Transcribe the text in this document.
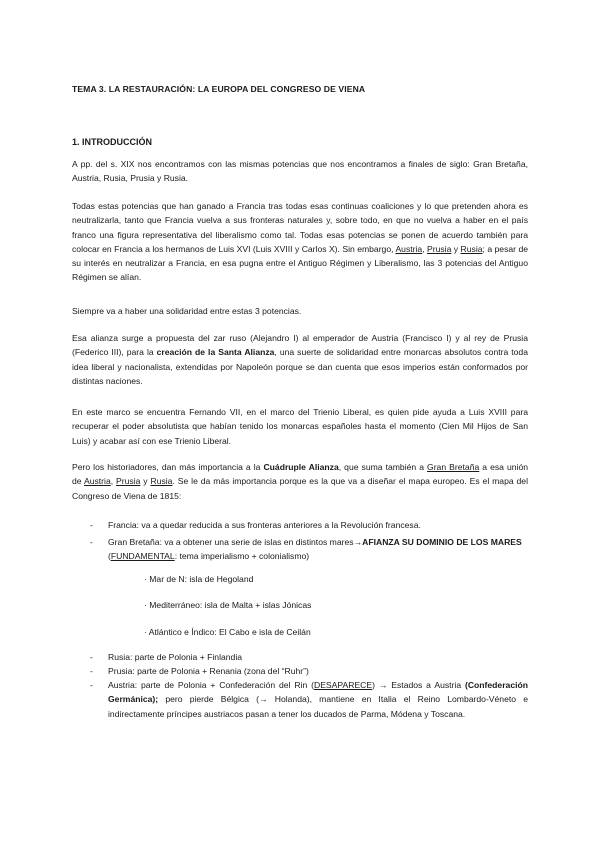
TEMA 3. LA RESTAURACIÓN: LA EUROPA DEL CONGRESO DE VIENA
1. INTRODUCCIÓN
A pp. del s. XIX nos encontramos con las mismas potencias que nos encontramos a finales de siglo: Gran Bretaña, Austria, Rusia, Prusia y Rusia.
Todas estas potencias que han ganado a Francia tras todas esas continuas coaliciones y lo que pretenden ahora es neutralizarla, tanto que Francia vuelva a sus fronteras naturales y, sobre todo, en que no vuelva a haber en el país franco una figura representativa del liberalismo como tal. Todas esas potencias se ponen de acuerdo también para colocar en Francia a los hermanos de Luis XVI (Luis XVIII y Carlos X). Sin embargo, Austria, Prusia y Rusia; a pesar de su interés en neutralizar a Francia, en esa pugna entre el Antiguo Régimen y Liberalismo, las 3 potencias del Antiguo Régimen se alían.
Siempre va a haber una solidaridad entre estas 3 potencias.
Esa alianza surge a propuesta del zar ruso (Alejandro I) al emperador de Austria (Francisco I) y al rey de Prusia (Federico III), para la creación de la Santa Alianza, una suerte de solidaridad entre monarcas absolutos contra toda idea liberal y nacionalista, extendidas por Napoleón porque se dan cuenta que esos imperios están conformados por distintas naciones.
En este marco se encuentra Fernando VII, en el marco del Trienio Liberal, es quien pide ayuda a Luis XVIII para recuperar el poder absolutista que habían tenido los monarcas españoles hasta el momento (Cien Mil Hijos de San Luis) y acabar así con ese Trienio Liberal.
Pero los historiadores, dan más importancia a la Cuádruple Alianza, que suma también a Gran Bretaña a esa unión de Austria, Prusia y Rusia. Se le da más importancia porque es la que va a diseñar el mapa europeo. Es el mapa del Congreso de Viena de 1815:
- Francia: va a quedar reducida a sus fronteras anteriores a la Revolución francesa.
- Gran Bretaña: va a obtener una serie de islas en distintos mares→AFIANZA SU DOMINIO DE LOS MARES (FUNDAMENTAL: tema imperialismo + colonialismo)
· Mar de N: isla de Hegoland
· Mediterráneo: isla de Malta + islas Jónicas
· Atlántico e Índico: El Cabo e isla de Ceilán
- Rusia: parte de Polonia + Finlandia
- Prusia: parte de Polonia + Renania (zona del “Ruhr”)
- Austria: parte de Polonia + Confederación del Rin (DESAPARECE) → Estados a Austria (Confederación Germánica); pero pierde Bélgica (→ Holanda), mantiene en Italia el Reino Lombardo-Véneto e indirectamente príncipes austriacos pasan a tener los ducados de Parma, Módena y Toscana.
